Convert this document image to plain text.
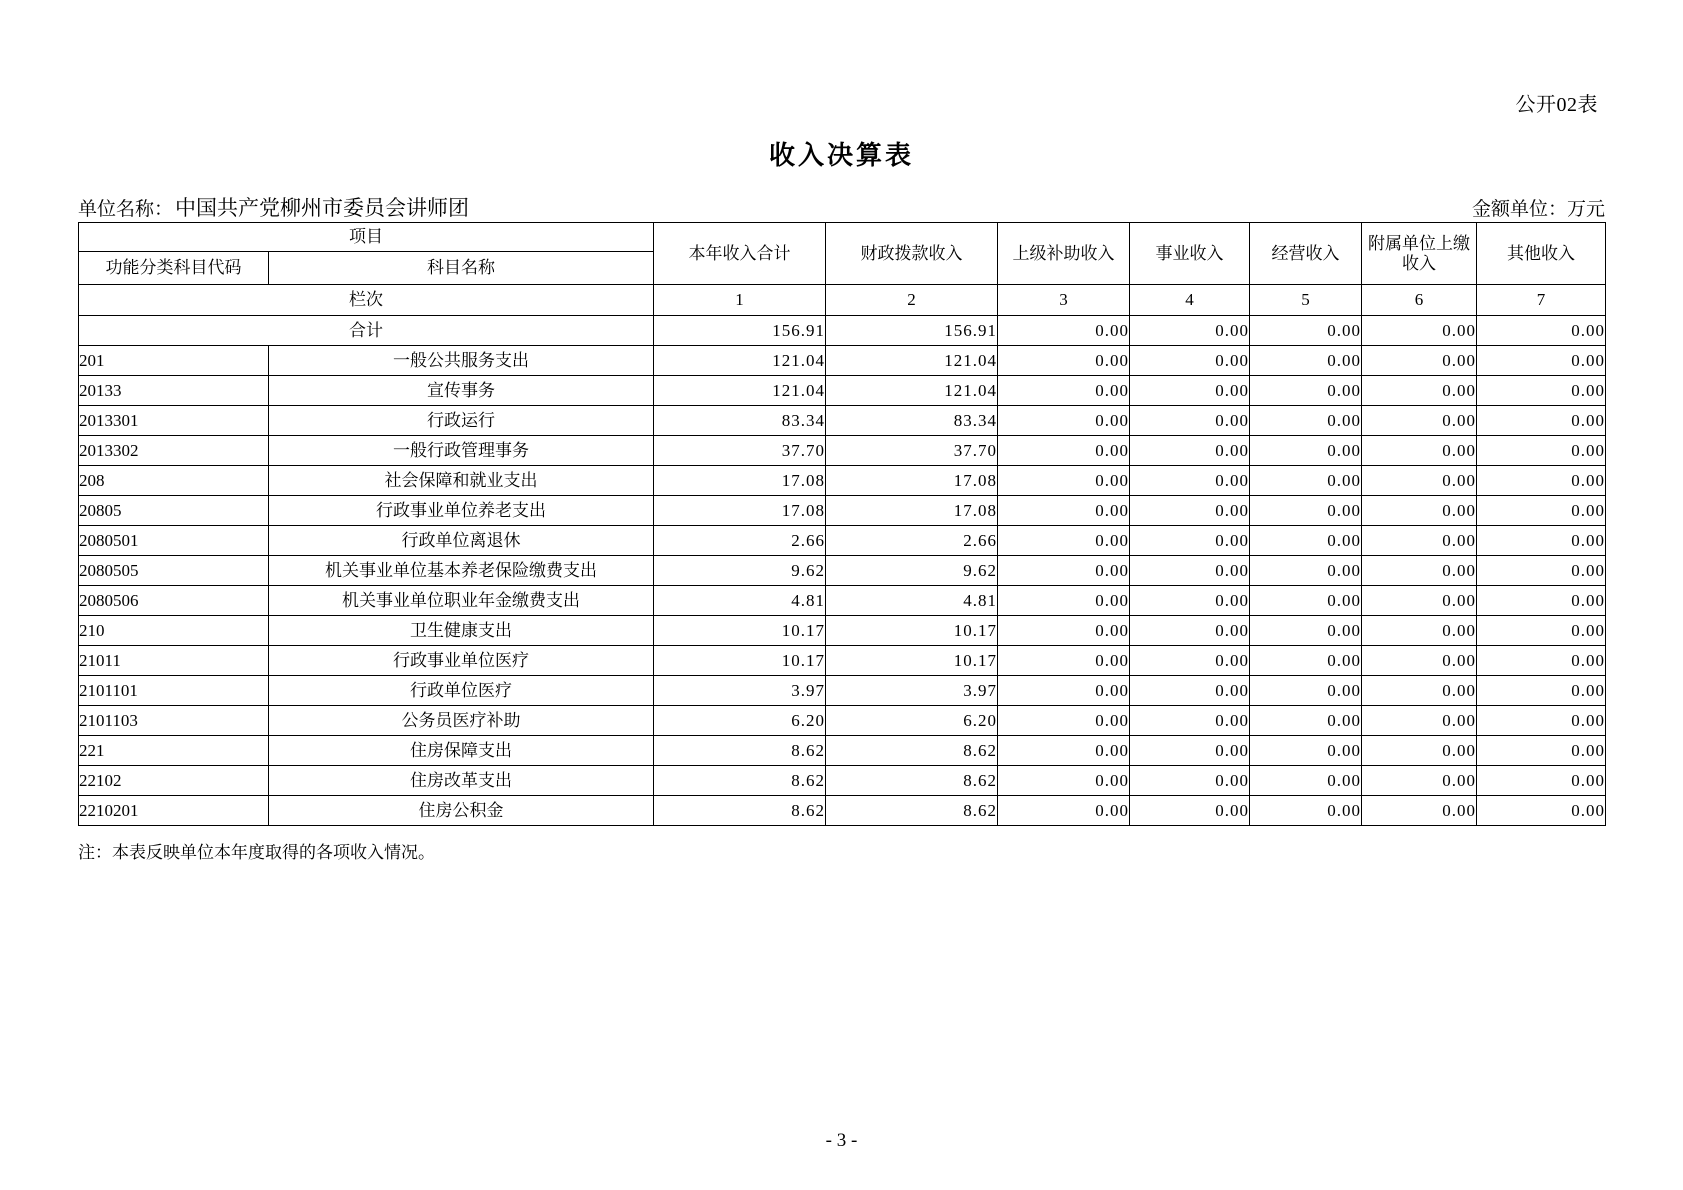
公开02表
收入决算表
单位名称： 中国共产党柳州市委员会讲师团	金额单位：万元
项目		本年收入合计	财政拨款收入	上级补助收入	事业收入	经营收入	附属单位上缴收入	其他收入
功能分类科目代码	科目名称							
栏次		1	2	3	4	5	6	7
合计		156.91	156.91	0.00	0.00	0.00	0.00	0.00
201	一般公共服务支出	121.04	121.04	0.00	0.00	0.00	0.00	0.00
20133	宣传事务	121.04	121.04	0.00	0.00	0.00	0.00	0.00
2013301	行政运行	83.34	83.34	0.00	0.00	0.00	0.00	0.00
2013302	一般行政管理事务	37.70	37.70	0.00	0.00	0.00	0.00	0.00
208	社会保障和就业支出	17.08	17.08	0.00	0.00	0.00	0.00	0.00
20805	行政事业单位养老支出	17.08	17.08	0.00	0.00	0.00	0.00	0.00
2080501	行政单位离退休	2.66	2.66	0.00	0.00	0.00	0.00	0.00
2080505	机关事业单位基本养老保险缴费支出	9.62	9.62	0.00	0.00	0.00	0.00	0.00
2080506	机关事业单位职业年金缴费支出	4.81	4.81	0.00	0.00	0.00	0.00	0.00
210	卫生健康支出	10.17	10.17	0.00	0.00	0.00	0.00	0.00
21011	行政事业单位医疗	10.17	10.17	0.00	0.00	0.00	0.00	0.00
2101101	行政单位医疗	3.97	3.97	0.00	0.00	0.00	0.00	0.00
2101103	公务员医疗补助	6.20	6.20	0.00	0.00	0.00	0.00	0.00
221	住房保障支出	8.62	8.62	0.00	0.00	0.00	0.00	0.00
22102	住房改革支出	8.62	8.62	0.00	0.00	0.00	0.00	0.00
2210201	住房公积金	8.62	8.62	0.00	0.00	0.00	0.00	0.00
注：本表反映单位本年度取得的各项收入情况。
- 3 -
